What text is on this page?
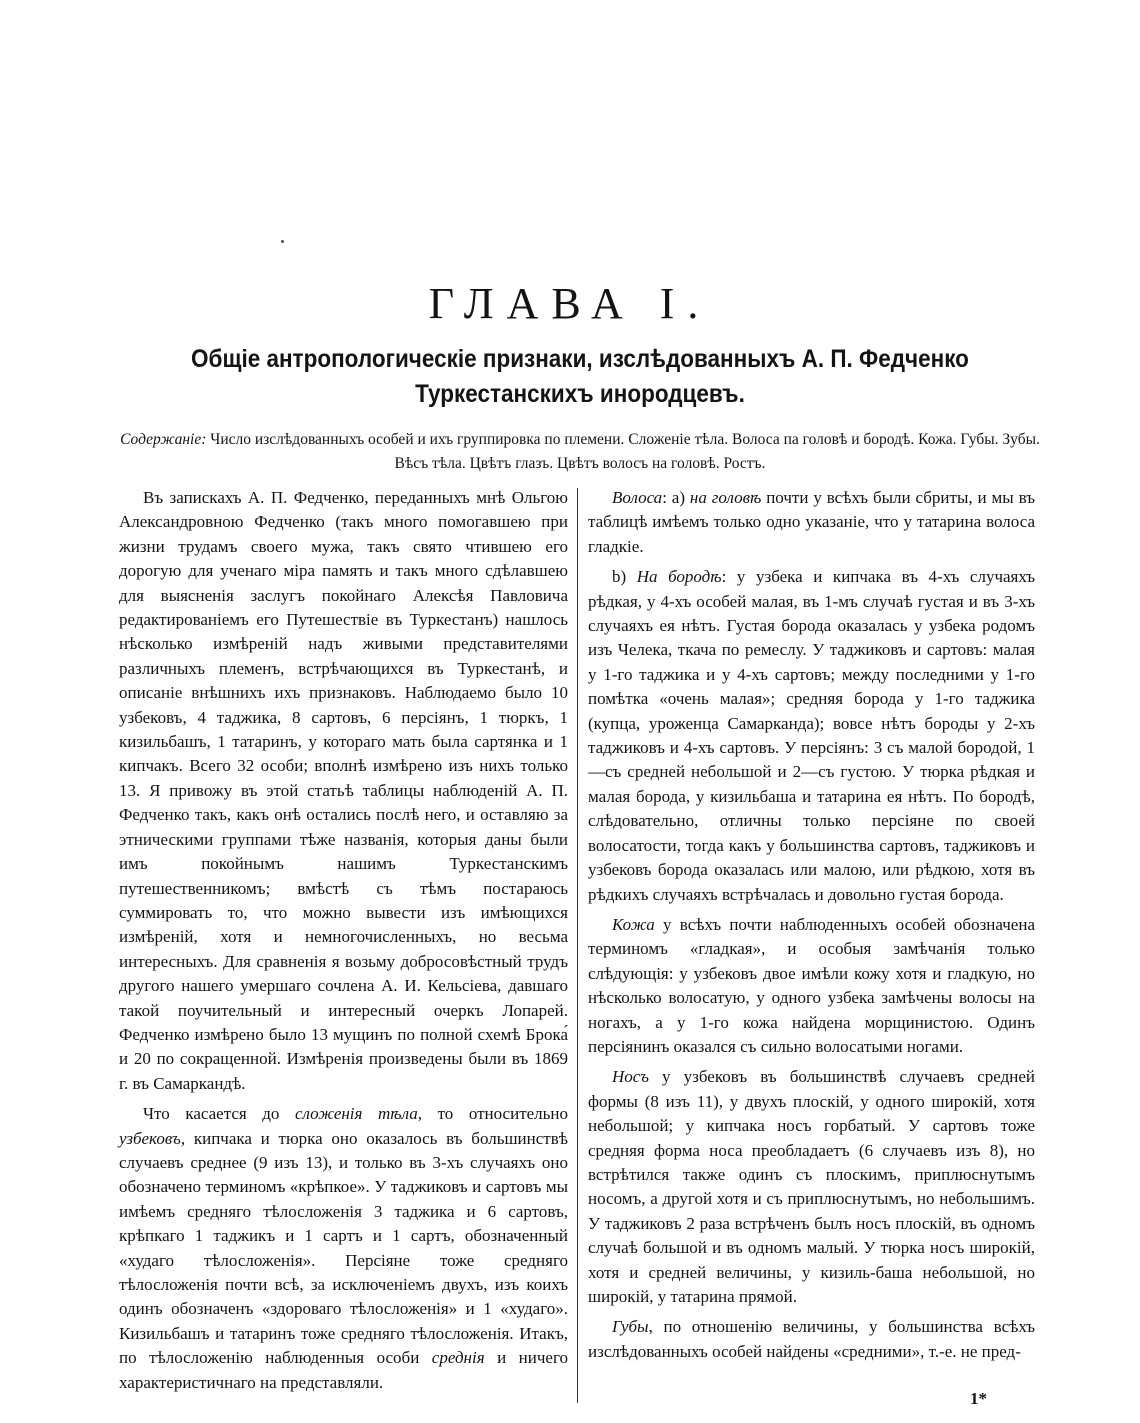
ГЛАВА I.
Общіе антропологическіе признаки, изслѣдованныхъ А. П. Федченко Туркестанскихъ инородцевъ.

Содержаніе: Число изслѣдованныхъ особей и ихъ группировка по племени. Сложеніе тѣла. Волоса па головѣ и бородѣ. Кожа. Губы. Зубы. Вѣсъ тѣла. Цвѣтъ глазъ. Цвѣтъ волосъ на головѣ. Ростъ.

Въ запискахъ А. П. Федченко, переданныхъ мнѣ Ольгою Александровною Федченко (такъ много помогавшею при жизни трудамъ своего мужа, такъ свято чтившею его дорогую для ученаго міра память и такъ много сдѣлавшею для выясненія заслугъ покойнаго Алексѣя Павловича редактированіемъ его Путешествіе въ Туркестанъ) нашлось нѣсколько измѣреній надъ живыми представителями различныхъ племенъ, встрѣчающихся въ Туркестанѣ, и описаніе внѣшнихъ ихъ признаковъ. Наблюдаемо было 10 узбековъ, 4 таджика, 8 сартовъ, 6 персіянъ, 1 тюркъ, 1 кизильбашъ, 1 татаринъ, у котораго мать была сартянка и 1 кипчакъ. Всего 32 особи; вполнѣ измѣрено изъ нихъ только 13. Я привожу въ этой статьѣ таблицы наблюденій А. П. Федченко такъ, какъ онѣ остались послѣ него, и оставляю за этническими группами тѣже названія, которыя даны были имъ покойнымъ нашимъ Туркестанскимъ путешественникомъ; вмѣстѣ съ тѣмъ постараюсь суммировать то, что можно вывести изъ имѣющихся измѣреній, хотя и немногочисленныхъ, но весьма интересныхъ. Для сравненія я возьму добросовѣстный трудъ другого нашего умершаго сочлена А. И. Кельсіева, давшаго такой поучительный и интересный очеркъ Лопарей. Федченко измѣрено было 13 мущинъ по полной схемѣ Брока́ и 20 по сокращенной. Измѣренія произведены были въ 1869 г. въ Самаркандѣ.

Что касается до сложенія тѣла, то относительно узбековъ, кипчака и тюрка оно оказалось въ большинствѣ случаевъ среднее (9 изъ 13), и только въ 3-хъ случаяхъ оно обозначено терминомъ «крѣпкое». У таджиковъ и сартовъ мы имѣемъ средняго тѣлосложенія 3 таджика и 6 сартовъ, крѣпкаго 1 таджикъ и 1 сартъ и 1 сартъ, обозначенный «худаго тѣлосложенія». Персіяне тоже средняго тѣлосложенія почти всѣ, за исключеніемъ двухъ, изъ коихъ одинъ обозначенъ «здороваго тѣлосложенія» и 1 «худаго». Кизильбашъ и татаринъ тоже средняго тѣлосложенія. Итакъ, по тѣлосложенію наблюденныя особи среднія и ничего характеристичнаго на представляли.

Волоса: а) на головѣ почти у всѣхъ были сбриты, и мы въ таблицѣ имѣемъ только одно указаніе, что у татарина волоса гладкіе.

b) На бородѣ: у узбека и кипчака въ 4-хъ случаяхъ рѣдкая, у 4-хъ особей малая, въ 1-мъ случаѣ густая и въ 3-хъ случаяхъ ея нѣтъ. Густая борода оказалась у узбека родомъ изъ Челека, ткача по ремеслу. У таджиковъ и сартовъ: малая у 1-го таджика и у 4-хъ сартовъ; между последними у 1-го помѣтка «очень малая»; средняя борода у 1-го таджика (купца, уроженца Самарканда); вовсе нѣтъ бороды у 2-хъ таджиковъ и 4-хъ сартовъ. У персіянъ: 3 съ малой бородой, 1—съ средней небольшой и 2—съ густою. У тюрка рѣдкая и малая борода, у кизильбаша и татарина ея нѣтъ. По бородѣ, слѣдовательно, отличны только персіяне по своей волосатости, тогда какъ у большинства сартовъ, таджиковъ и узбековъ борода оказалась или малою, или рѣдкою, хотя въ рѣдкихъ случаяхъ встрѣчалась и довольно густая борода.

Кожа у всѣхъ почти наблюденныхъ особей обозначена терминомъ «гладкая», и особыя замѣчанія только слѣдующія: у узбековъ двое имѣли кожу хотя и гладкую, но нѣсколько волосатую, у одного узбека замѣчены волосы на ногахъ, а у 1-го кожа найдена морщинистою. Одинъ персіянинъ оказался съ сильно волосатыми ногами.

Носъ у узбековъ въ большинствѣ случаевъ средней формы (8 изъ 11), у двухъ плоскій, у одного широкій, хотя небольшой; у кипчака носъ горбатый. У сартовъ тоже средняя форма носа преобладаетъ (6 случаевъ изъ 8), но встрѣтился также одинъ съ плоскимъ, приплюснутымъ носомъ, а другой хотя и съ приплюснутымъ, но небольшимъ. У таджиковъ 2 раза встрѣченъ былъ носъ плоскій, въ одномъ случаѣ большой и въ одномъ малый. У тюрка носъ широкій, хотя и средней величины, у кизиль-баша небольшой, но широкій, у татарина прямой.

Губы, по отношенію величины, у большинства всѣхъ изслѣдованныхъ особей найдены «средними», т.-е. не пред-

1*
